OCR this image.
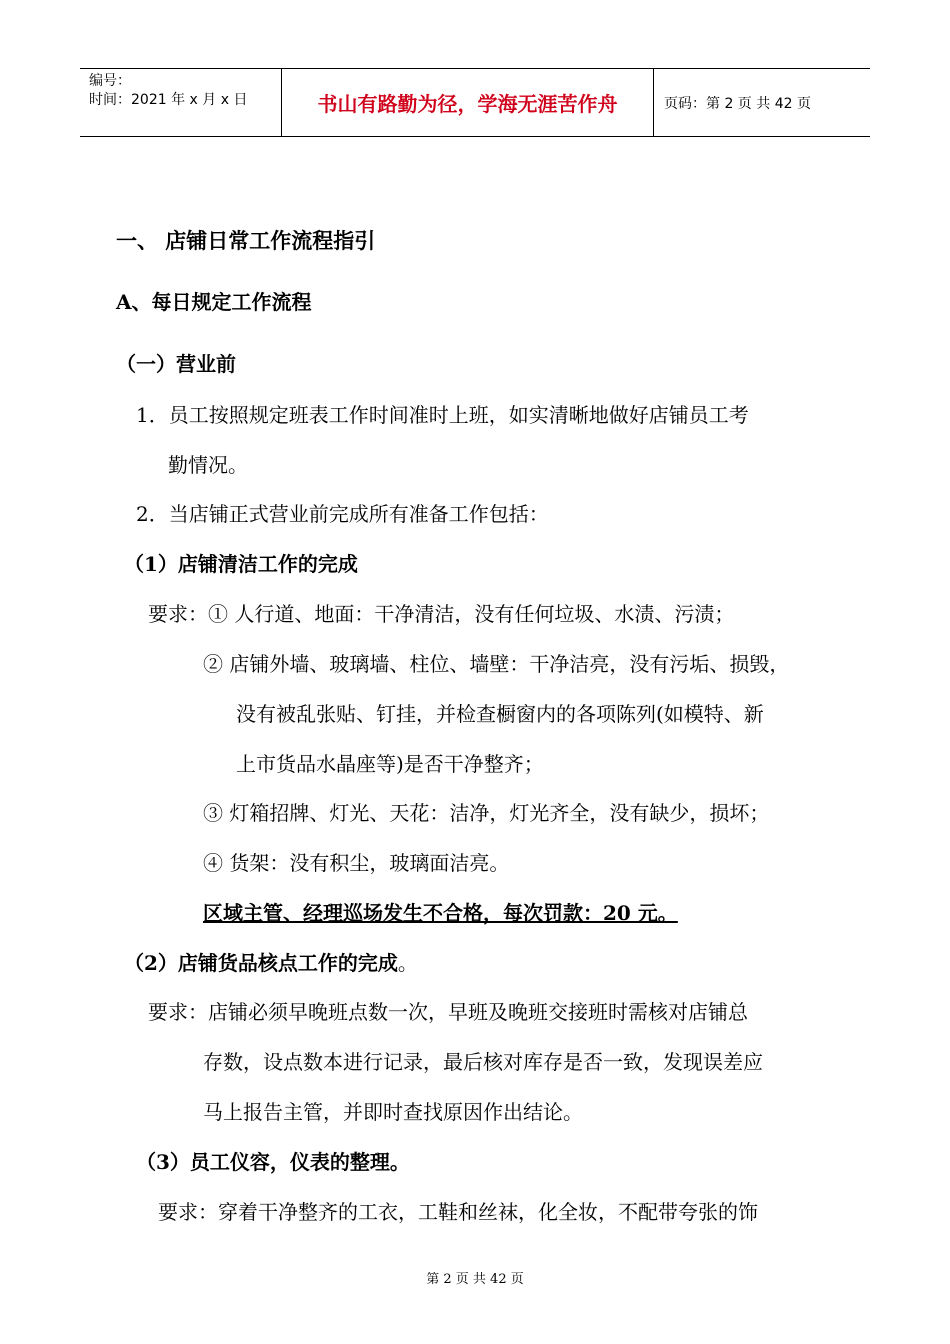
编号：
时间：2021 年 x 月 x 日	书山有路勤为径，学海无涯苦作舟	页码：第 2 页 共 42 页
一、 店铺日常工作流程指引
A、每日规定工作流程
（一）营业前
1．员工按照规定班表工作时间准时上班，如实清晰地做好店铺员工考
勤情况。
2．当店铺正式营业前完成所有准备工作包括：
（1）店铺清洁工作的完成
要求：① 人行道、地面：干净清洁，没有任何垃圾、水渍、污渍；
② 店铺外墙、玻璃墙、柱位、墙壁：干净洁亮，没有污垢、损毁，
没有被乱张贴、钉挂，并检查橱窗内的各项陈列(如模特、新
上市货品水晶座等)是否干净整齐；
③ 灯箱招牌、灯光、天花：洁净，灯光齐全，没有缺少，损坏；
④ 货架：没有积尘，玻璃面洁亮。
区域主管、经理巡场发生不合格，每次罚款：20 元。
（2）店铺货品核点工作的完成。
要求：店铺必须早晚班点数一次，早班及晚班交接班时需核对店铺总
存数，设点数本进行记录，最后核对库存是否一致，发现误差应
马上报告主管，并即时查找原因作出结论。
（3）员工仪容，仪表的整理。
要求：穿着干净整齐的工衣，工鞋和丝袜，化全妆，不配带夸张的饰
第 2 页 共 42 页
